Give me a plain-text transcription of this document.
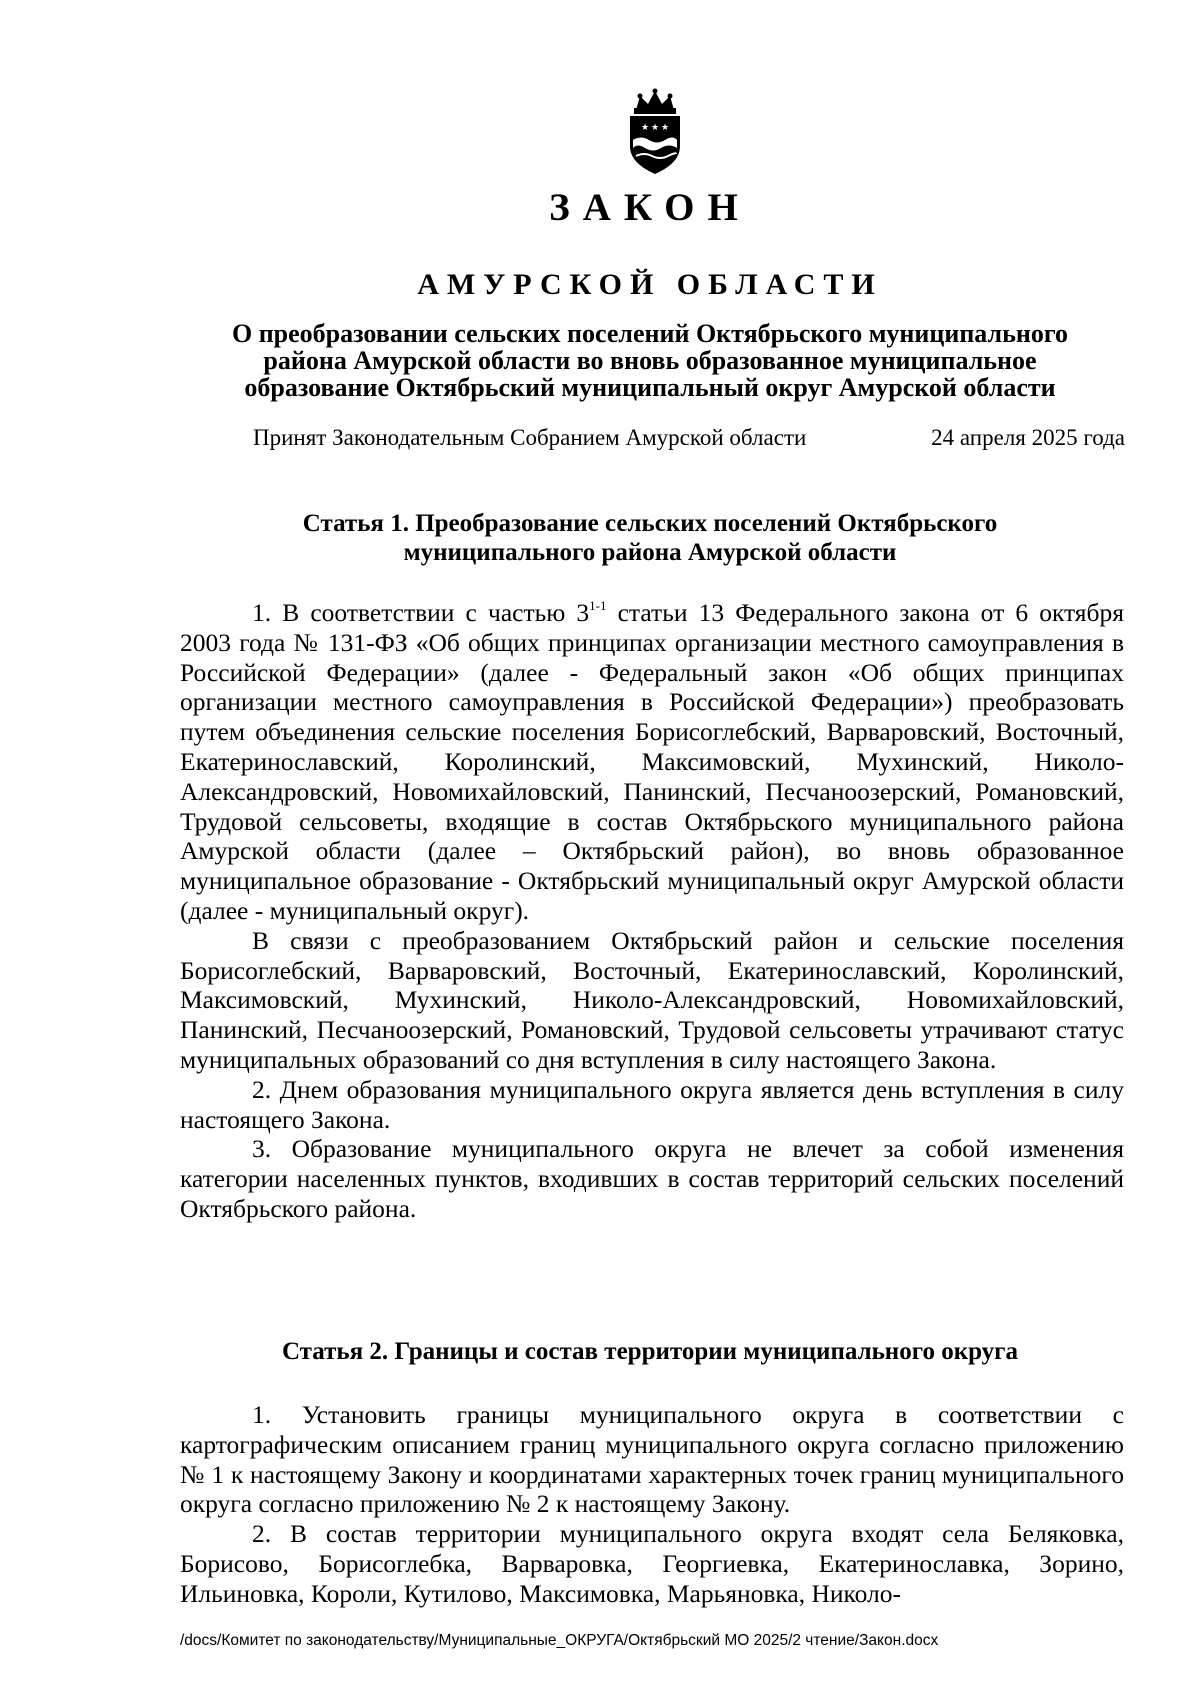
★ ★ ★
ЗАКОН
АМУРСКОЙ ОБЛАСТИ
О преобразовании сельских поселений Октябрьского муниципального
района Амурской области во вновь образованное муниципальное
образование Октябрьский муниципальный округ Амурской области
Принят Законодательным Собранием Амурской области	24 апреля 2025 года
Статья 1. Преобразование сельских поселений Октябрьского
муниципального района Амурской области

1. В соответствии с частью 3$^{1-1}$ статьи 13 Федерального закона от 6 октября 2003 года № 131-ФЗ «Об общих принципах организации местного самоуправления в Российской Федерации» (далее - Федеральный закон «Об общих принципах организации местного самоуправления в Российской Федерации») преобразовать путем объединения сельские поселения Борисоглебский, Варваровский, Восточный, Екатеринославский, Королинский, Максимовский, Мухинский, Николо-Александровский, Новомихайловский, Панинский, Песчаноозерский, Романовский, Трудовой сельсоветы, входящие в состав Октябрьского муниципального района Амурской области (далее – Октябрьский район), во вновь образованное муниципальное образование - Октябрьский муниципальный округ Амурской области (далее - муниципальный округ).

В связи с преобразованием Октябрьский район и сельские поселения Борисоглебский, Варваровский, Восточный, Екатеринославский, Королинский, Максимовский, Мухинский, Николо-Александровский, Новомихайловский, Панинский, Песчаноозерский, Романовский, Трудовой сельсоветы утрачивают статус муниципальных образований со дня вступления в силу настоящего Закона.

2. Днем образования муниципального округа является день вступления в силу настоящего Закона.

3. Образование муниципального округа не влечет за собой изменения категории населенных пунктов, входивших в состав территорий сельских поселений Октябрьского района.

Статья 2. Границы и состав территории муниципального округа

1. Установить границы муниципального округа в соответствии с картографическим описанием границ муниципального округа согласно приложению № 1 к настоящему Закону и координатами характерных точек границ муниципального округа согласно приложению № 2 к настоящему Закону.

2. В состав территории муниципального округа входят села Беляковка, Борисово, Борисоглебка, Варваровка, Георгиевка, Екатеринославка, Зорино, Ильиновка, Короли, Кутилово, Максимовка, Марьяновка, Николо-

/docs/Комитет по законодательству/Муниципальные_ОКРУГА/Октябрьский МО 2025/2 чтение/Закон.docx
